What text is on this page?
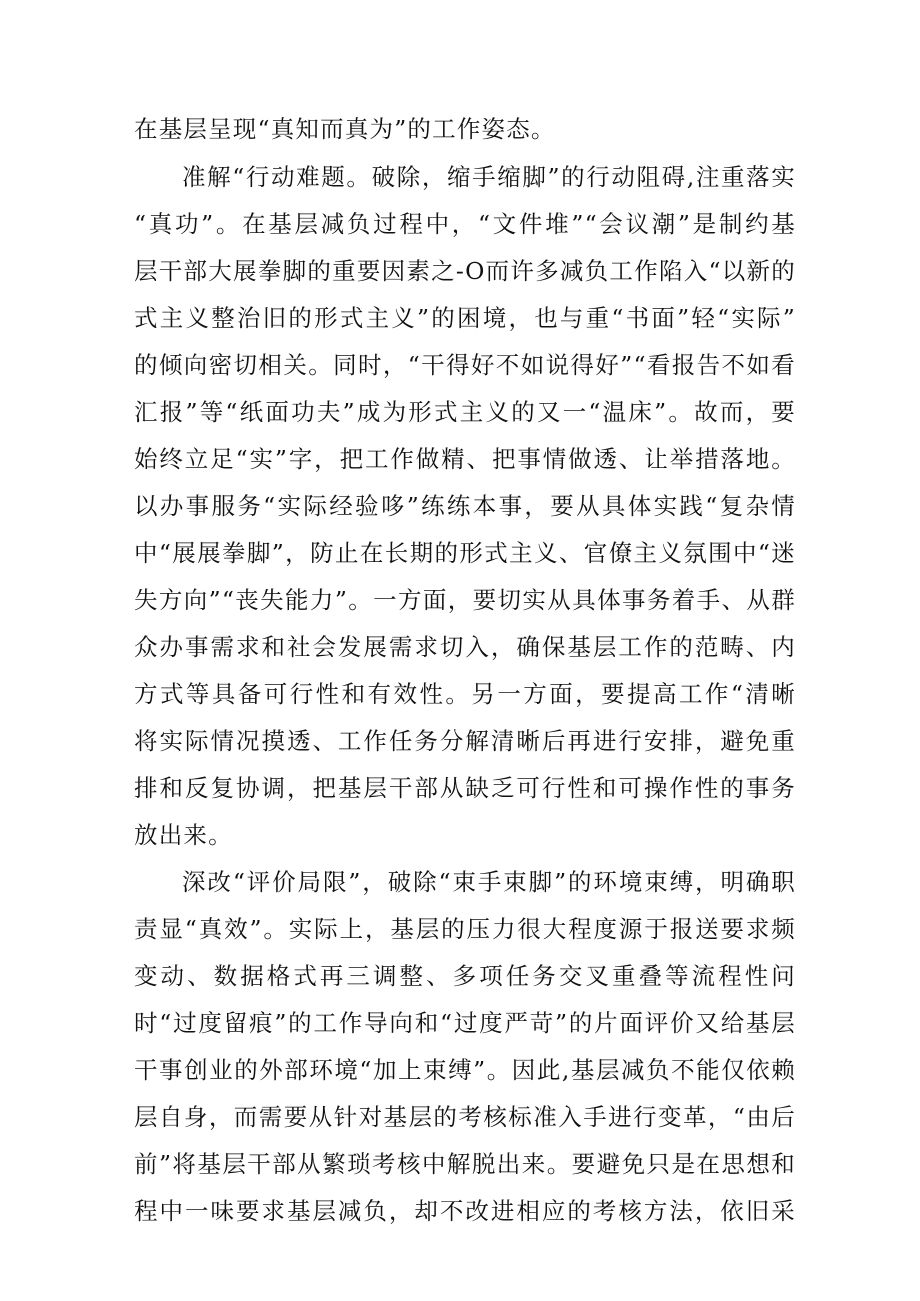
在基层呈现“真知而真为”的工作姿态。
准解“行动难题。破除，缩手缩脚”的行动阻碍,注重落实
“真功”。在基层减负过程中，“文件堆”“会议潮”是制约基
层干部大展拳脚的重要因素之-O而许多减负工作陷入“以新的
式主义整治旧的形式主义”的困境，也与重“书面”轻“实际”
的倾向密切相关。同时，“干得好不如说得好”“看报告不如看
汇报”等“纸面功夫”成为形式主义的又一“温床”。故而，要
始终立足“实”字，把工作做精、把事情做透、让举措落地。
以办事服务“实际经验哆”练练本事，要从具体实践“复杂情
中“展展拳脚”，防止在长期的形式主义、官僚主义氛围中“迷
失方向”“丧失能力”。一方面，要切实从具体事务着手、从群
众办事需求和社会发展需求切入，确保基层工作的范畴、内
方式等具备可行性和有效性。另一方面，要提高工作“清晰
将实际情况摸透、工作任务分解清晰后再进行安排，避免重
排和反复协调，把基层干部从缺乏可行性和可操作性的事务
放出来。
深改“评价局限”，破除“束手束脚”的环境束缚，明确职
责显“真效”。实际上，基层的压力很大程度源于报送要求频
变动、数据格式再三调整、多项任务交叉重叠等流程性问
时“过度留痕”的工作导向和“过度严苛”的片面评价又给基层
干事创业的外部环境“加上束缚”。因此,基层减负不能仅依赖
层自身，而需要从针对基层的考核标准入手进行变革，“由后
前”将基层干部从繁琐考核中解脱出来。要避免只是在思想和
程中一味要求基层减负，却不改进相应的考核方法，依旧采
